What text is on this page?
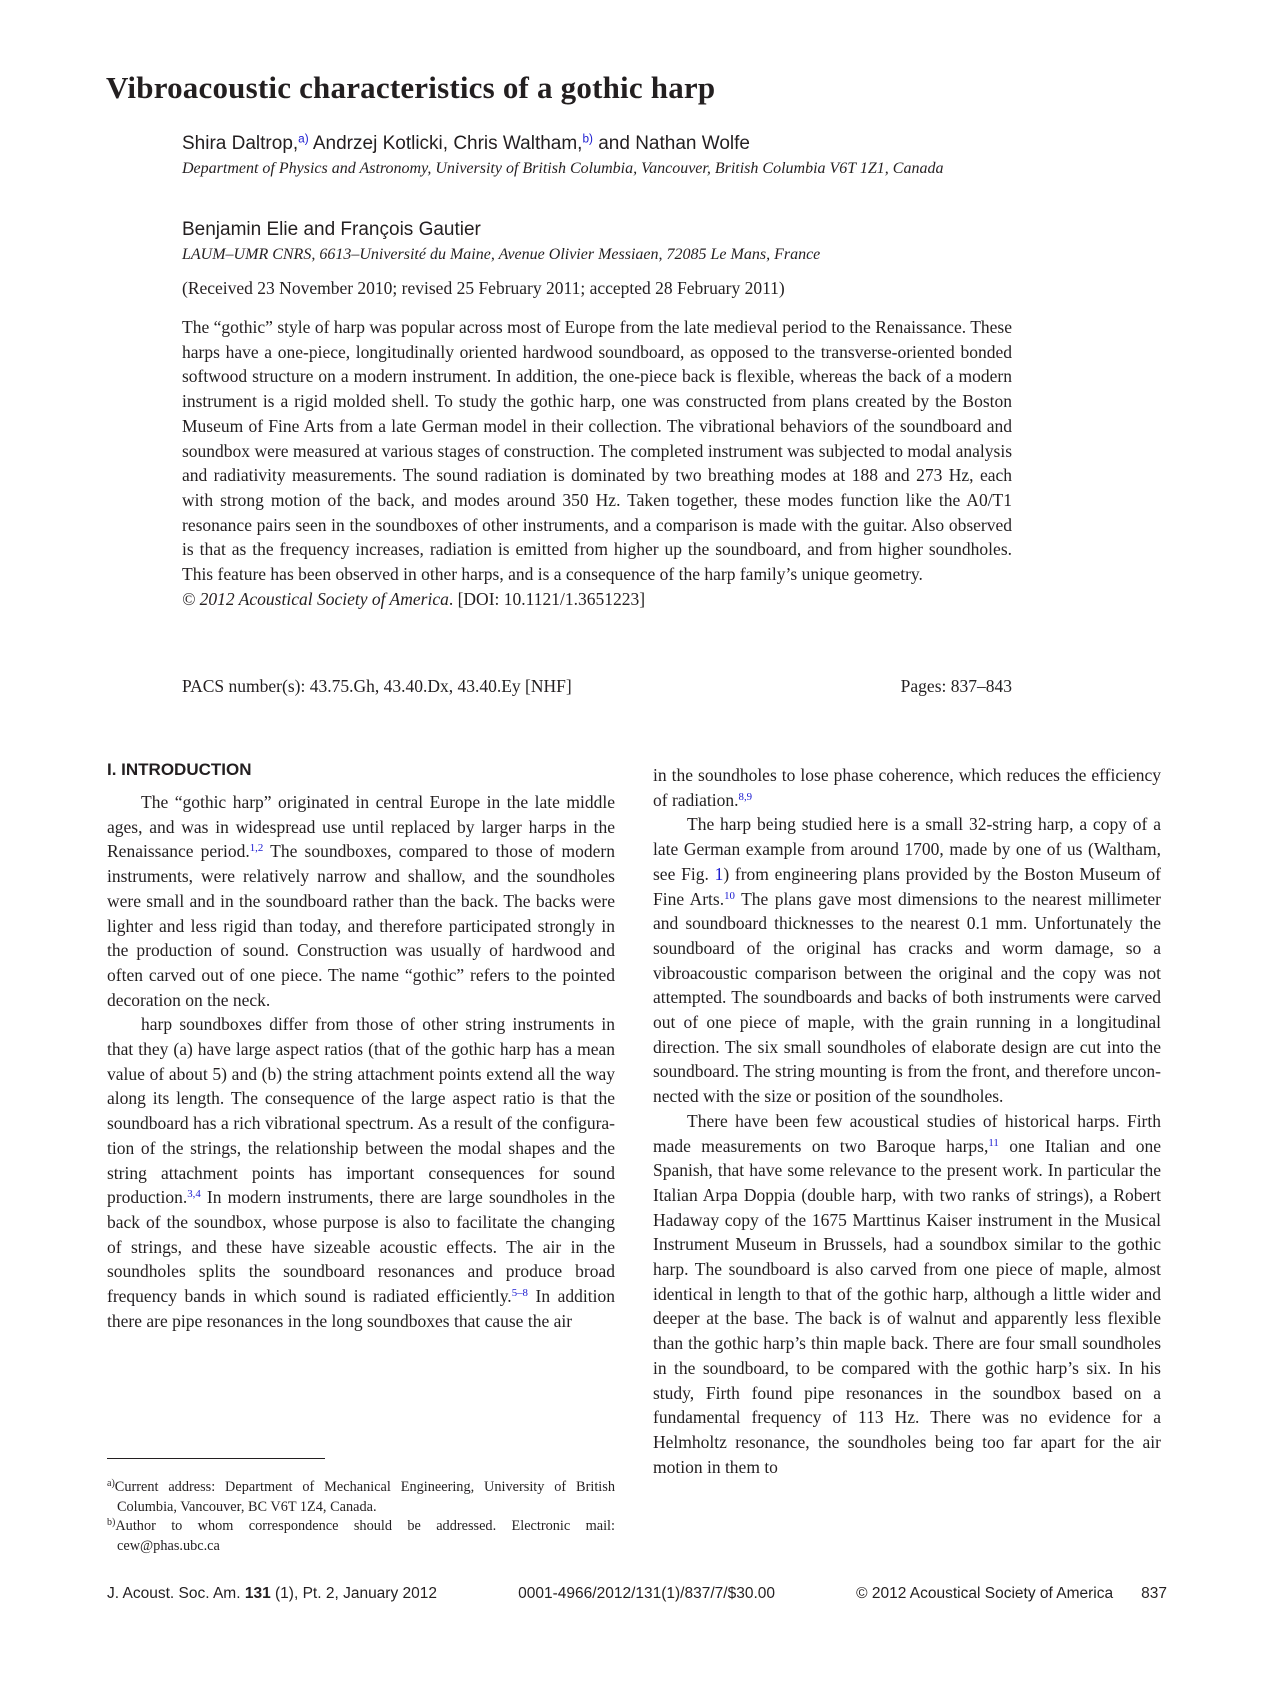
Vibroacoustic characteristics of a gothic harp
Shira Daltrop,$^{a)}$ Andrzej Kotlicki, Chris Waltham,$^{b)}$ and Nathan Wolfe
Department of Physics and Astronomy, University of British Columbia, Vancouver, British Columbia V6T 1Z1, Canada
Benjamin Elie and François Gautier
LAUM–UMR CNRS, 6613–Université du Maine, Avenue Olivier Messiaen, 72085 Le Mans, France
(Received 23 November 2010; revised 25 February 2011; accepted 28 February 2011)
The “gothic” style of harp was popular across most of Europe from the late medieval period to the Renaissance. These harps have a one-piece, longitudinally oriented hardwood soundboard, as opposed to the transverse-oriented bonded softwood structure on a modern instrument. In addition, the one-piece back is flexible, whereas the back of a modern instrument is a rigid molded shell. To study the gothic harp, one was constructed from plans created by the Boston Museum of Fine Arts from a late German model in their collection. The vibrational behaviors of the soundboard and soundbox were measured at various stages of construction. The completed instrument was subjected to modal analysis and radiativity measurements. The sound radiation is dominated by two breathing modes at 188 and 273 Hz, each with strong motion of the back, and modes around 350 Hz. Taken together, these modes function like the A0/T1 resonance pairs seen in the soundboxes of other instruments, and a comparison is made with the guitar. Also observed is that as the frequency increases, radiation is emitted from higher up the soundboard, and from higher soundholes. This feature has been observed in other harps, and is a consequence of the harp family’s unique geometry.
© 2012 Acoustical Society of America. [DOI: 10.1121/1.3651223]
PACS number(s): 43.75.Gh, 43.40.Dx, 43.40.Ey [NHF]	Pages: 837–843
I. INTRODUCTION

The “gothic harp” originated in central Europe in the late middle ages, and was in widespread use until replaced by larger harps in the Renaissance period.$^{1,2}$ The soundboxes, compared to those of modern instruments, were relatively narrow and shallow, and the soundholes were small and in the soundboard rather than the back. The backs were lighter and less rigid than today, and therefore participated strongly in the production of sound. Construction was usually of hardwood and often carved out of one piece. The name “gothic” refers to the pointed decoration on the neck.

harp soundboxes differ from those of other string instruments in that they (a) have large aspect ratios (that of the gothic harp has a mean value of about 5) and (b) the string attachment points extend all the way along its length. The consequence of the large aspect ratio is that the soundboard has a rich vibrational spectrum. As a result of the configuration of the strings, the relationship between the modal shapes and the string attachment points has important consequences for sound production.$^{3,4}$ In modern instruments, there are large soundholes in the back of the soundbox, whose purpose is also to facilitate the changing of strings, and these have sizeable acoustic effects. The air in the soundholes splits the soundboard resonances and produce broad frequency bands in which sound is radiated efficiently.$^{5-8}$ In addition there are pipe resonances in the long soundboxes that cause the air

in the soundholes to lose phase coherence, which reduces the efficiency of radiation.$^{8,9}$

The harp being studied here is a small 32-string harp, a copy of a late German example from around 1700, made by one of us (Waltham, see Fig. 1) from engineering plans provided by the Boston Museum of Fine Arts.$^{10}$ The plans gave most dimensions to the nearest millimeter and soundboard thicknesses to the nearest 0.1 mm. Unfortunately the soundboard of the original has cracks and worm damage, so a vibroacoustic comparison between the original and the copy was not attempted. The soundboards and backs of both instruments were carved out of one piece of maple, with the grain running in a longitudinal direction. The six small soundholes of elaborate design are cut into the soundboard. The string mounting is from the front, and therefore unconnected with the size or position of the soundholes.

There have been few acoustical studies of historical harps. Firth made measurements on two Baroque harps,$^{11}$ one Italian and one Spanish, that have some relevance to the present work. In particular the Italian Arpa Doppia (double harp, with two ranks of strings), a Robert Hadaway copy of the 1675 Marttinus Kaiser instrument in the Musical Instrument Museum in Brussels, had a soundbox similar to the gothic harp. The soundboard is also carved from one piece of maple, almost identical in length to that of the gothic harp, although a little wider and deeper at the base. The back is of walnut and apparently less flexible than the gothic harp’s thin maple back. There are four small soundholes in the soundboard, to be compared with the gothic harp’s six. In his study, Firth found pipe resonances in the soundbox based on a fundamental frequency of 113 Hz. There was no evidence for a Helmholtz resonance, the soundholes being too far apart for the air motion in them to

$^{a)}$Current address: Department of Mechanical Engineering, University of British Columbia, Vancouver, BC V6T 1Z4, Canada.
$^{b)}$Author to whom correspondence should be addressed. Electronic mail: cew@phas.ubc.ca
J. Acoust. Soc. Am. 131 (1), Pt. 2, January 2012	0001-4966/2012/131(1)/837/7/$30.00	© 2012 Acoustical Society of America 837
